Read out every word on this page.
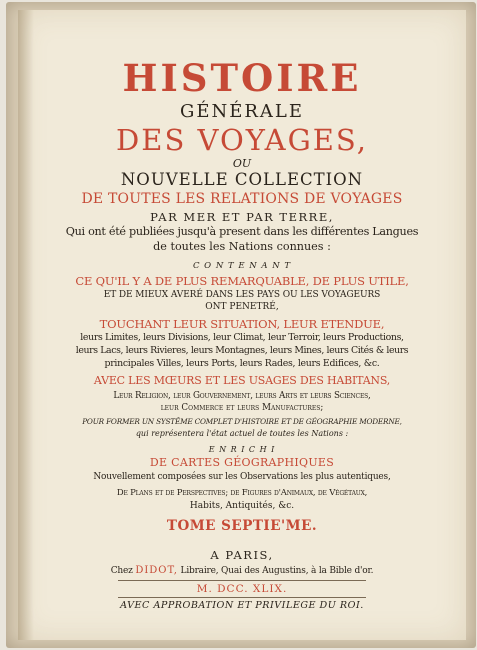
HISTOIRE
GÉNÉRALE
DES VOYAGES,
OU
NOUVELLE COLLECTION
DE TOUTES LES RELATIONS DE VOYAGES
PAR MER ET PAR TERRE,
Qui ont été publiées jusqu'à present dans les différentes Langues
de toutes les Nations connues :
C O N T E N A N T
CE QU'IL Y A DE PLUS REMARQUABLE, DE PLUS UTILE,
ET DE MIEUX AVERÉ DANS LES PAYS OU LES VOYAGEURS
ONT PENETRÉ,
TOUCHANT LEUR SITUATION, LEUR ETENDUE,
leurs Limites, leurs Divisions, leur Climat, leur Terroir, leurs Productions,
leurs Lacs, leurs Rivieres, leurs Montagnes, leurs Mines, leurs Cités & leurs
principales Villes, leurs Ports, leurs Rades, leurs Edifices, &c.
AVEC LES MŒURS ET LES USAGES DES HABITANS,
Leur Religion, leur Gouvernement, leurs Arts et leurs Sciences,
leur Commerce et leurs Manufactures;
POUR FORMER UN SYSTÊME COMPLET D'HISTOIRE ET DE GÉOGRAPHIE MODERNE,
qui représentera l'état actuel de toutes les Nations :
E N R I C H I
DE CARTES GÉOGRAPHIQUES
Nouvellement composées sur les Observations les plus autentiques,
De Plans et de Perspectives; de Figures d'Animaux, de Végétaux,
Habits, Antiquités, &c.
TOME SEPTIE'ME.
A PARIS,
Chez DIDOT, Libraire, Quai des Augustins, à la Bible d'or.
M. DCC. XLIX.
AVEC APPROBATION ET PRIVILEGE DU ROI.
